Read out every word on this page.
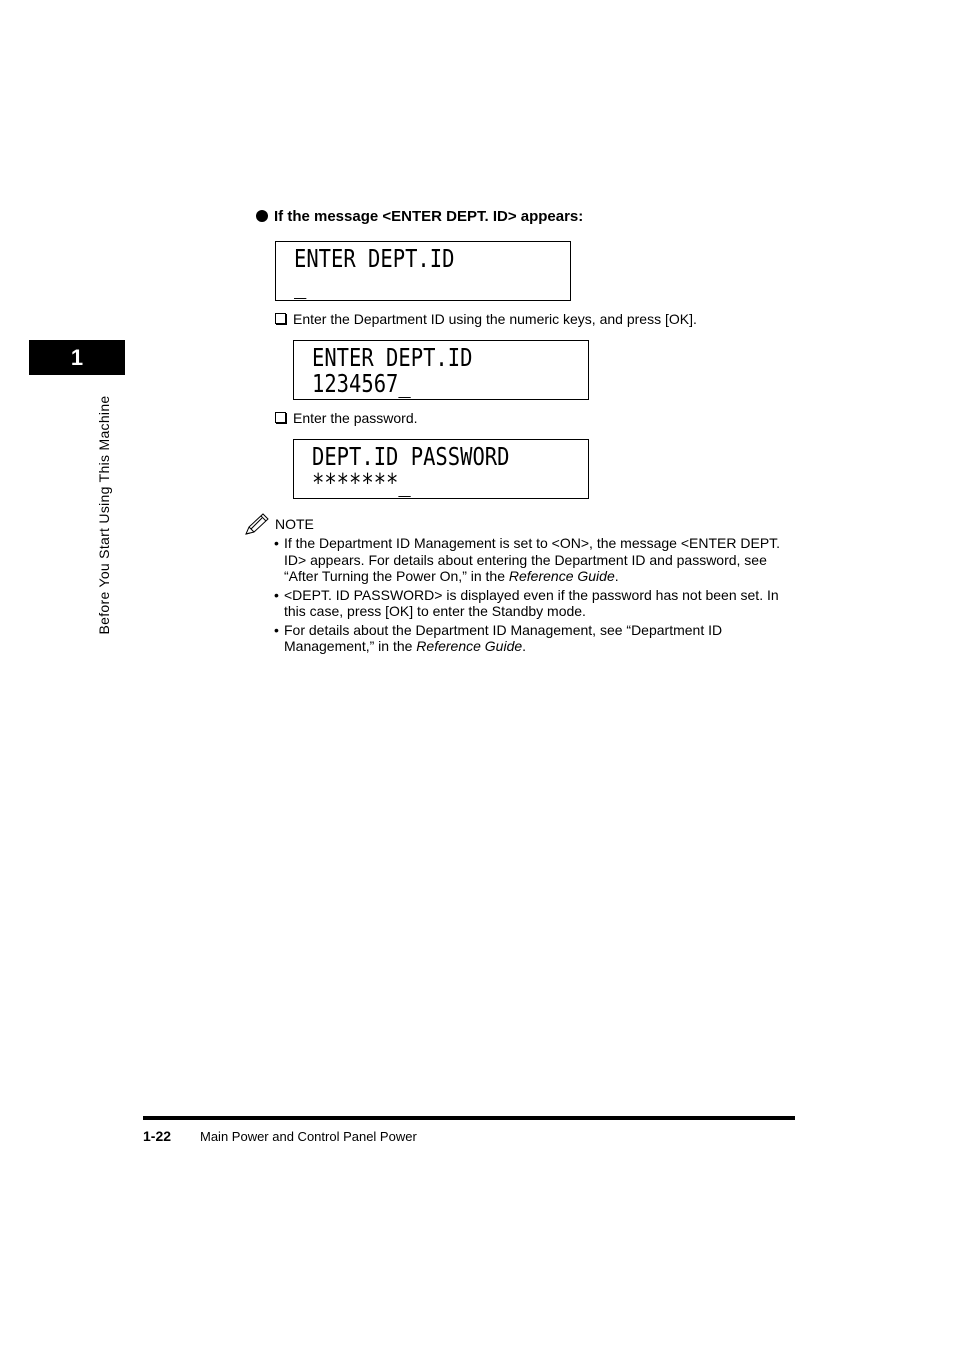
1
Before You Start Using This Machine
If the message <ENTER DEPT. ID> appears:
ENTER DEPT.ID
_
Enter the Department ID using the numeric keys, and press [OK].
ENTER DEPT.ID
1234567_
Enter the password.
DEPT.ID PASSWORD
*******_
NOTE
• If the Department ID Management is set to <ON>, the message <ENTER DEPT. ID> appears. For details about entering the Department ID and password, see “After Turning the Power On,” in the Reference Guide.
• <DEPT. ID PASSWORD> is displayed even if the password has not been set. In this case, press [OK] to enter the Standby mode.
• For details about the Department ID Management, see “Department ID Management,” in the Reference Guide.
1-22 Main Power and Control Panel Power
